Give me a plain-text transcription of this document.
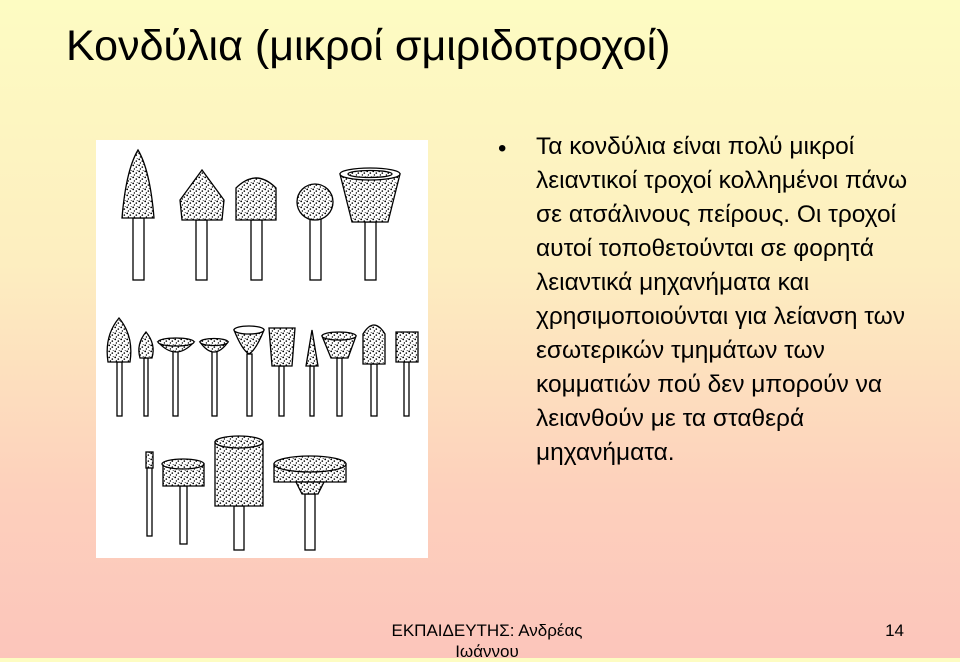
Κονδύλια (μικροί σμιριδοτροχοί)
• Τα κονδύλια είναι πολύ μικροί λειαντικοί τροχοί κολλημένοι πάνω σε ατσάλινους πείρους. Οι τροχοί αυτοί τοποθετούνται σε φορητά λειαντικά μηχανήματα και χρησιμοποιούνται για λείανση των εσωτερικών τμημάτων των κομματιών πού δεν μπορούν να λειανθούν με τα σταθερά μηχανήματα.
ΕΚΠΑΙΔΕΥΤΗΣ: Ανδρέας Ιωάννου
14
